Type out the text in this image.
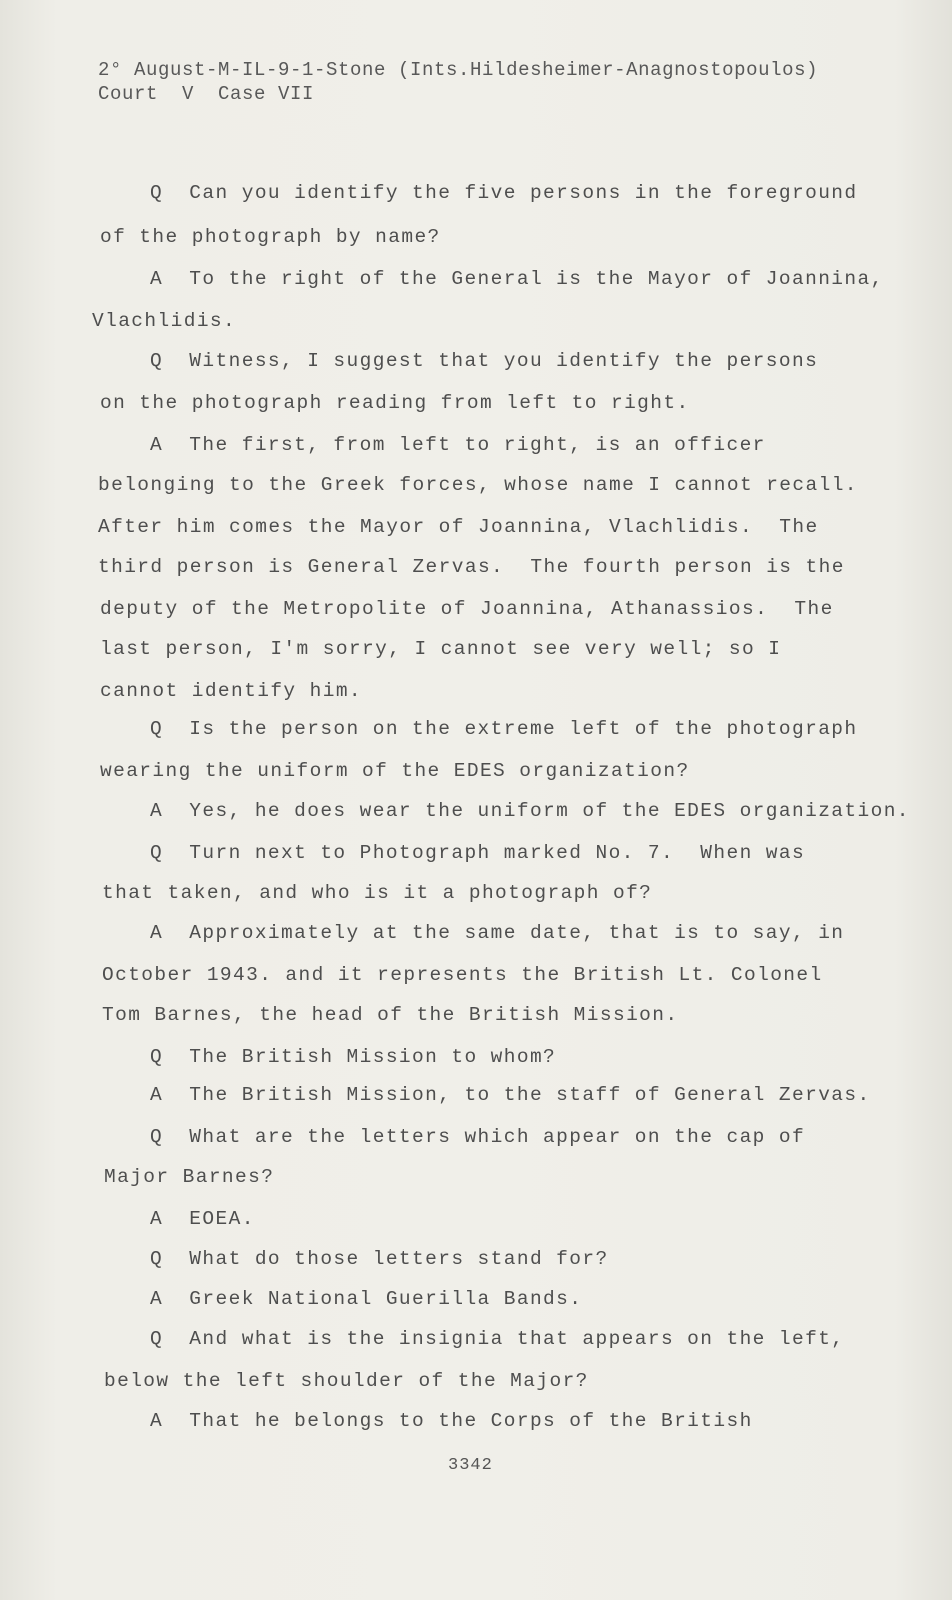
2° August-M-IL-9-1-Stone (Ints.Hildesheimer-Anagnostopoulos)
Court  V  Case VII
Q  Can you identify the five persons in the foreground
of the photograph by name?
A  To the right of the General is the Mayor of Joannina,
Vlachlidis.
Q  Witness, I suggest that you identify the persons
on the photograph reading from left to right.
A  The first, from left to right, is an officer
belonging to the Greek forces, whose name I cannot recall.
After him comes the Mayor of Joannina, Vlachlidis.  The
third person is General Zervas.  The fourth person is the
deputy of the Metropolite of Joannina, Athanassios.  The
last person, I'm sorry, I cannot see very well; so I
cannot identify him.
Q  Is the person on the extreme left of the photograph
wearing the uniform of the EDES organization?
A  Yes, he does wear the uniform of the EDES organization.
Q  Turn next to Photograph marked No. 7.  When was
that taken, and who is it a photograph of?
A  Approximately at the same date, that is to say, in
October 1943. and it represents the British Lt. Colonel
Tom Barnes, the head of the British Mission.
Q  The British Mission to whom?
A  The British Mission, to the staff of General Zervas.
Q  What are the letters which appear on the cap of
Major Barnes?
A  EOEA.
Q  What do those letters stand for?
A  Greek National Guerilla Bands.
Q  And what is the insignia that appears on the left,
below the left shoulder of the Major?
A  That he belongs to the Corps of the British
3342
